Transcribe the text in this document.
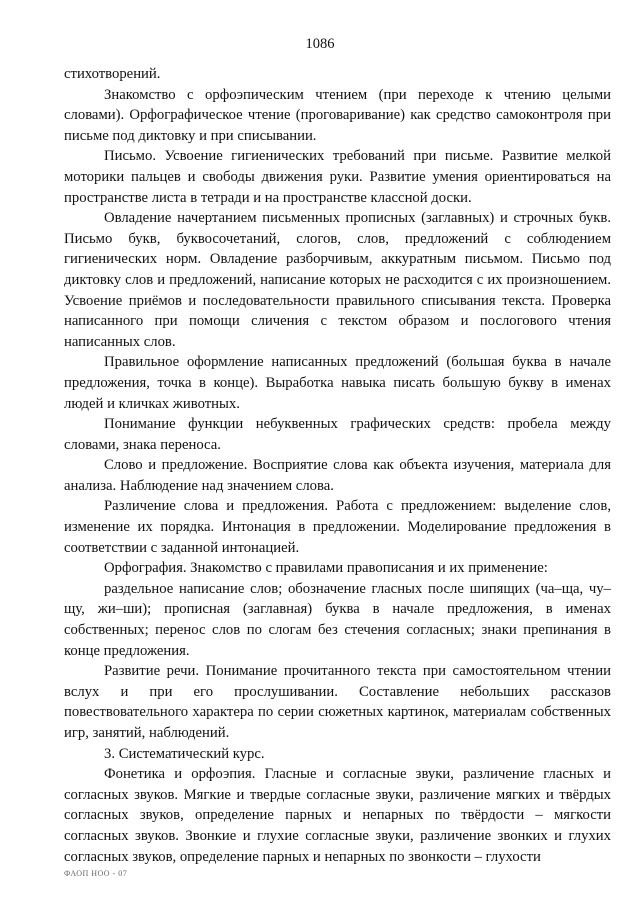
1086

стихотворений.

Знакомство с орфоэпическим чтением (при переходе к чтению целыми словами). Орфографическое чтение (проговаривание) как средство самоконтроля при письме под диктовку и при списывании.

Письмо. Усвоение гигиенических требований при письме. Развитие мелкой моторики пальцев и свободы движения руки. Развитие умения ориентироваться на пространстве листа в тетради и на пространстве классной доски.

Овладение начертанием письменных прописных (заглавных) и строчных букв. Письмо букв, буквосочетаний, слогов, слов, предложений с соблюдением гигиенических норм. Овладение разборчивым, аккуратным письмом. Письмо под диктовку слов и предложений, написание которых не расходится с их произношением. Усвоение приёмов и последовательности правильного списывания текста. Проверка написанного при помощи сличения с текстом образом и послогового чтения написанных слов.

Правильное оформление написанных предложений (большая буква в начале предложения, точка в конце). Выработка навыка писать большую букву в именах людей и кличках животных.

Понимание функции небуквенных графических средств: пробела между словами, знака переноса.

Слово и предложение. Восприятие слова как объекта изучения, материала для анализа. Наблюдение над значением слова.

Различение слова и предложения. Работа с предложением: выделение слов, изменение их порядка. Интонация в предложении. Моделирование предложения в соответствии с заданной интонацией.

Орфография. Знакомство с правилами правописания и их применение:

раздельное написание слов; обозначение гласных после шипящих (ча–ща, чу–щу, жи–ши); прописная (заглавная) буква в начале предложения, в именах собственных; перенос слов по слогам без стечения согласных; знаки препинания в конце предложения.

Развитие речи. Понимание прочитанного текста при самостоятельном чтении вслух и при его прослушивании. Составление небольших рассказов повествовательного характера по серии сюжетных картинок, материалам собственных игр, занятий, наблюдений.

3. Систематический курс.

Фонетика и орфоэпия. Гласные и согласные звуки, различение гласных и согласных звуков. Мягкие и твердые согласные звуки, различение мягких и твёрдых согласных звуков, определение парных и непарных по твёрдости – мягкости согласных звуков. Звонкие и глухие согласные звуки, различение звонких и глухих согласных звуков, определение парных и непарных по звонкости – глухости

ФАОП НОО - 07
